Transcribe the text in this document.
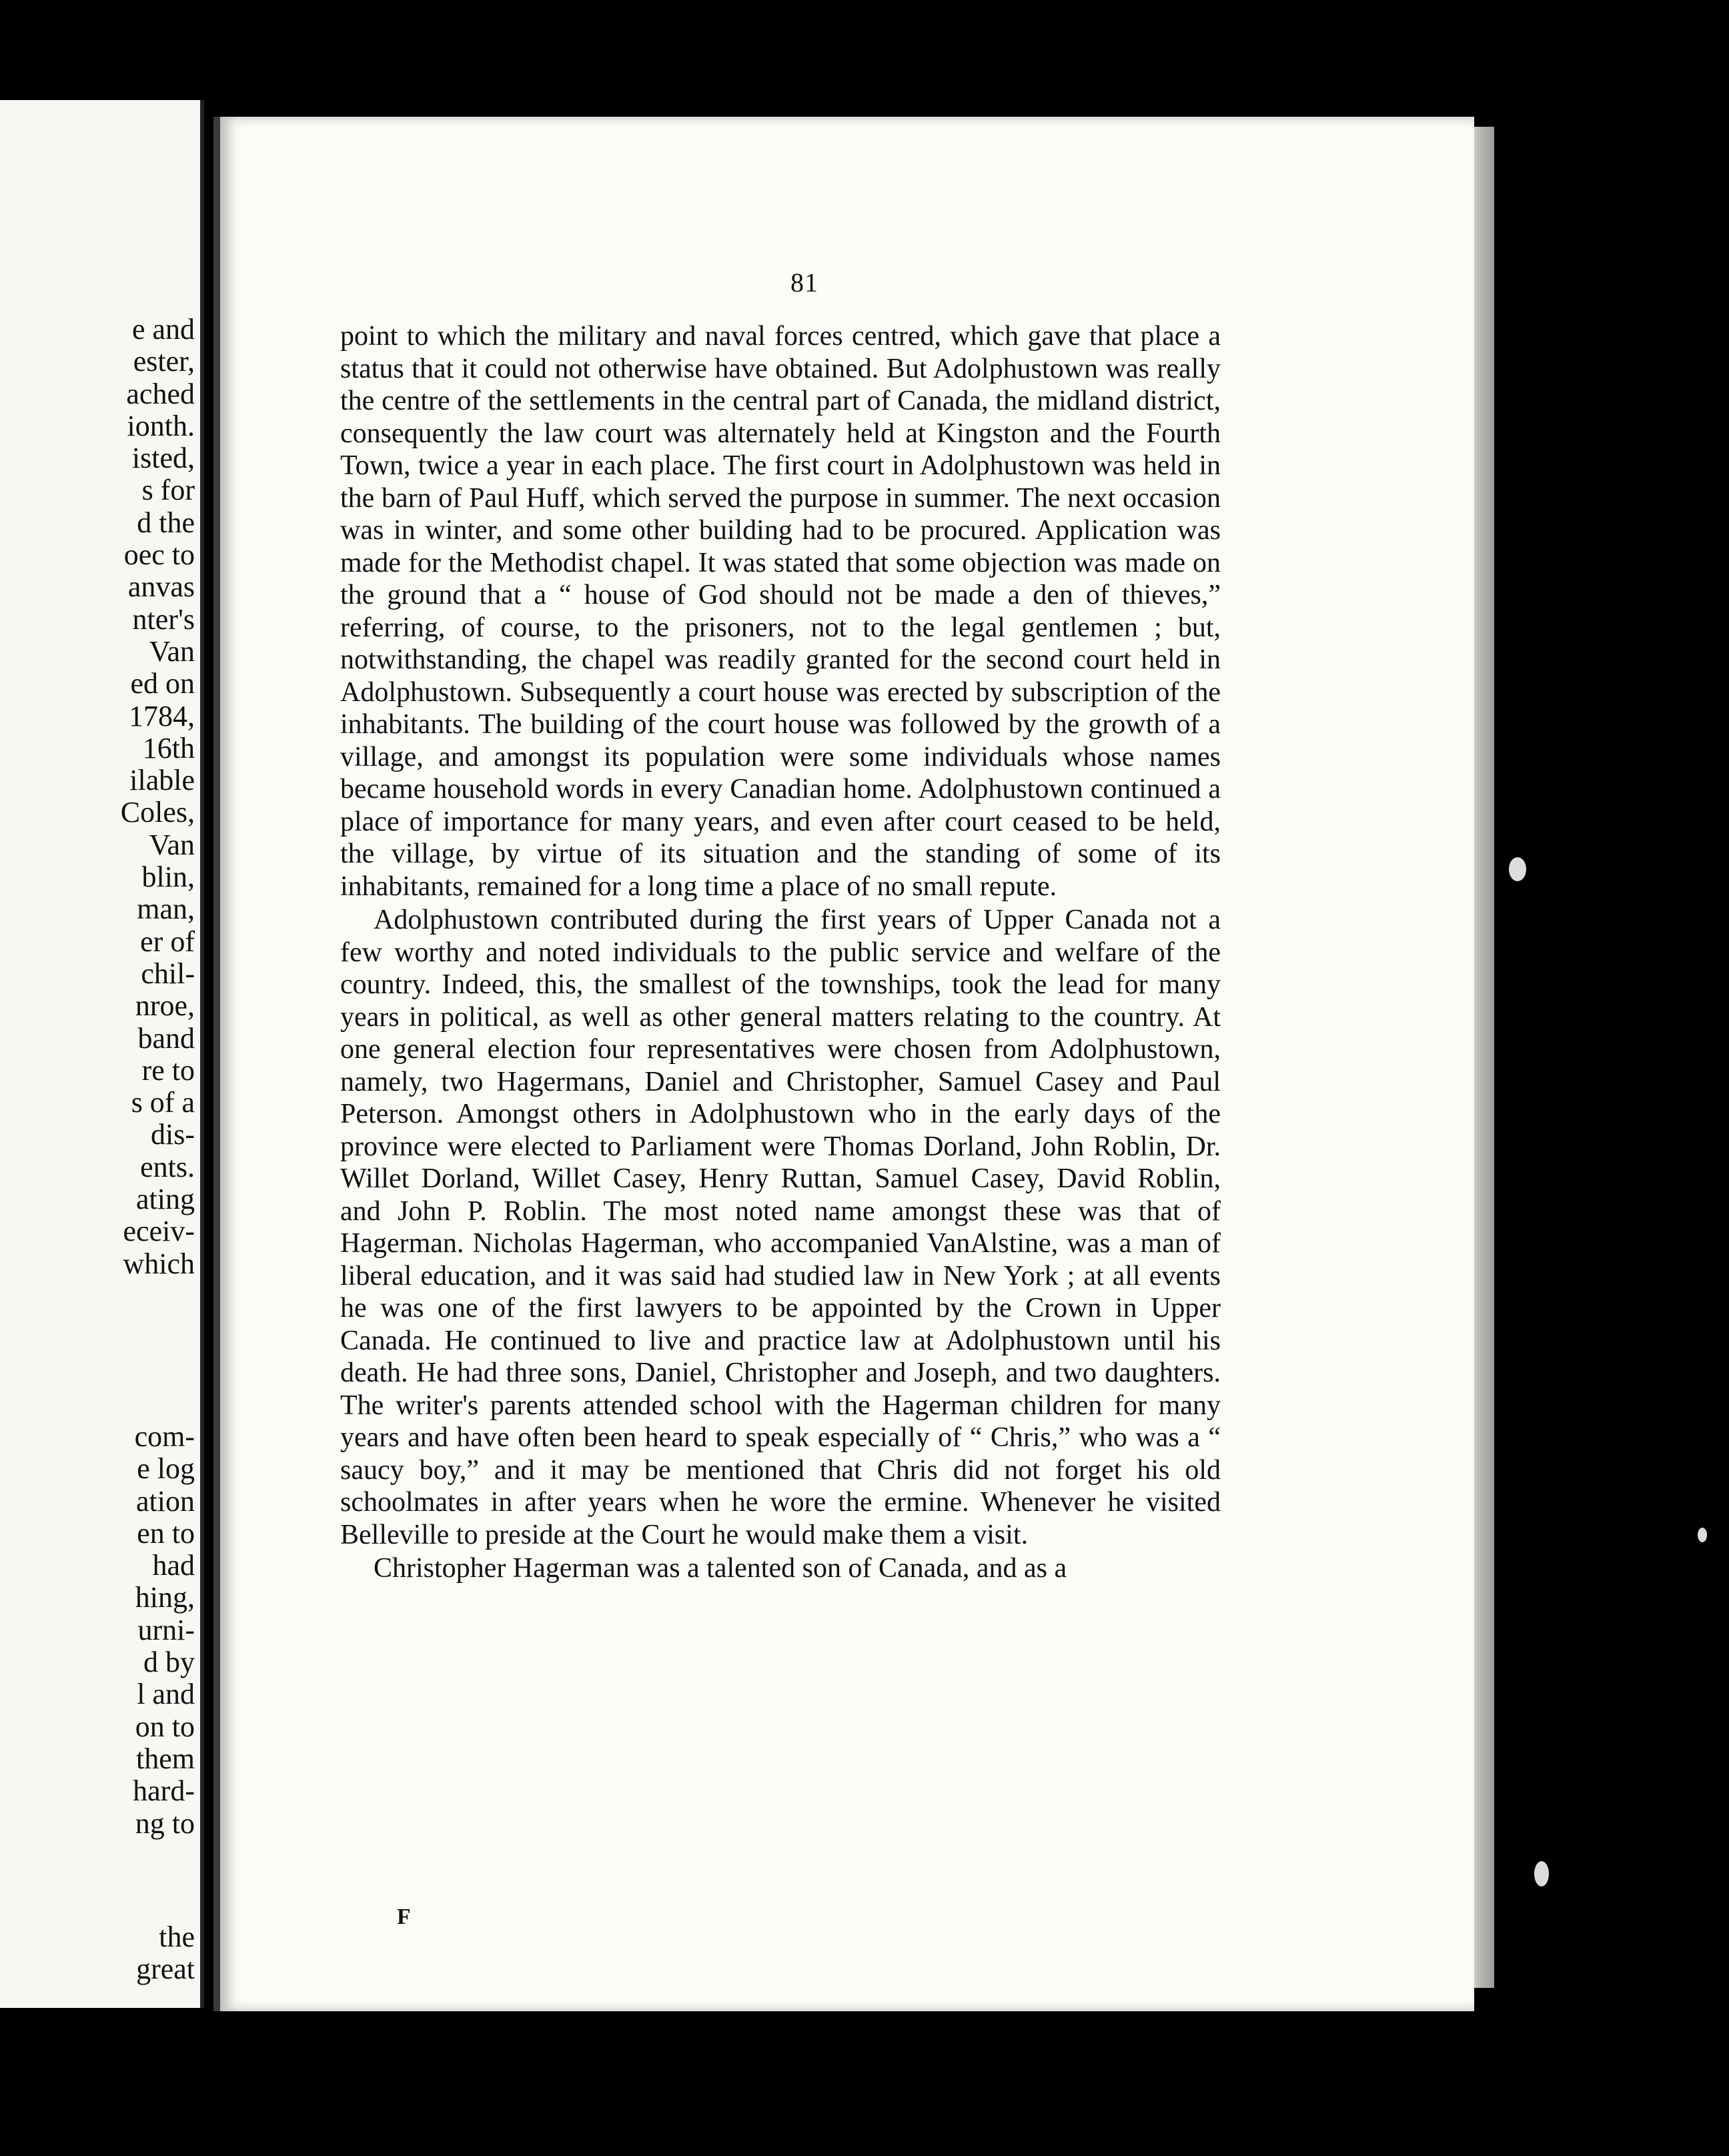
e and
ester,
ached
ionth.
isted,
s for
d the
oec to
anvas
nter's
Van
ed on
1784,
16th
ilable
Coles,
Van
blin,
man,
er of
chil-
nroe,
band
re to
s of a
dis-
ents.
ating
eceiv-
which
com-
e log
ation
en to
had
hing,
urni-
d by
l and
on to
them
hard-
ng to
the
great
81

point to which the military and naval forces centred, which gave that place a status that it could not otherwise have obtained. But Adolphustown was really the centre of the settlements in the central part of Canada, the midland district, consequently the law court was alternately held at Kingston and the Fourth Town, twice a year in each place. The first court in Adolphustown was held in the barn of Paul Huff, which served the purpose in summer. The next occasion was in winter, and some other building had to be procured. Application was made for the Methodist chapel. It was stated that some objection was made on the ground that a “ house of God should not be made a den of thieves,” referring, of course, to the prisoners, not to the legal gentlemen ; but, notwithstanding, the chapel was readily granted for the second court held in Adolphustown. Subsequently a court house was erected by subscription of the inhabitants. The building of the court house was followed by the growth of a village, and amongst its population were some individuals whose names became household words in every Canadian home. Adolphustown continued a place of importance for many years, and even after court ceased to be held, the village, by virtue of its situation and the standing of some of its inhabitants, remained for a long time a place of no small repute.

Adolphustown contributed during the first years of Upper Canada not a few worthy and noted individuals to the public service and welfare of the country. Indeed, this, the smallest of the townships, took the lead for many years in political, as well as other general matters relating to the country. At one general election four representatives were chosen from Adolphustown, namely, two Hagermans, Daniel and Christopher, Samuel Casey and Paul Peterson. Amongst others in Adolphustown who in the early days of the province were elected to Parliament were Thomas Dorland, John Roblin, Dr. Willet Dorland, Willet Casey, Henry Ruttan, Samuel Casey, David Roblin, and John P. Roblin. The most noted name amongst these was that of Hagerman. Nicholas Hagerman, who accompanied VanAlstine, was a man of liberal education, and it was said had studied law in New York ; at all events he was one of the first lawyers to be appointed by the Crown in Upper Canada. He continued to live and practice law at Adolphustown until his death. He had three sons, Daniel, Christopher and Joseph, and two daughters. The writer's parents attended school with the Hagerman children for many years and have often been heard to speak especially of “ Chris,” who was a “ saucy boy,” and it may be mentioned that Chris did not forget his old schoolmates in after years when he wore the ermine. Whenever he visited Belleville to preside at the Court he would make them a visit.

Christopher Hagerman was a talented son of Canada, and as a

F
